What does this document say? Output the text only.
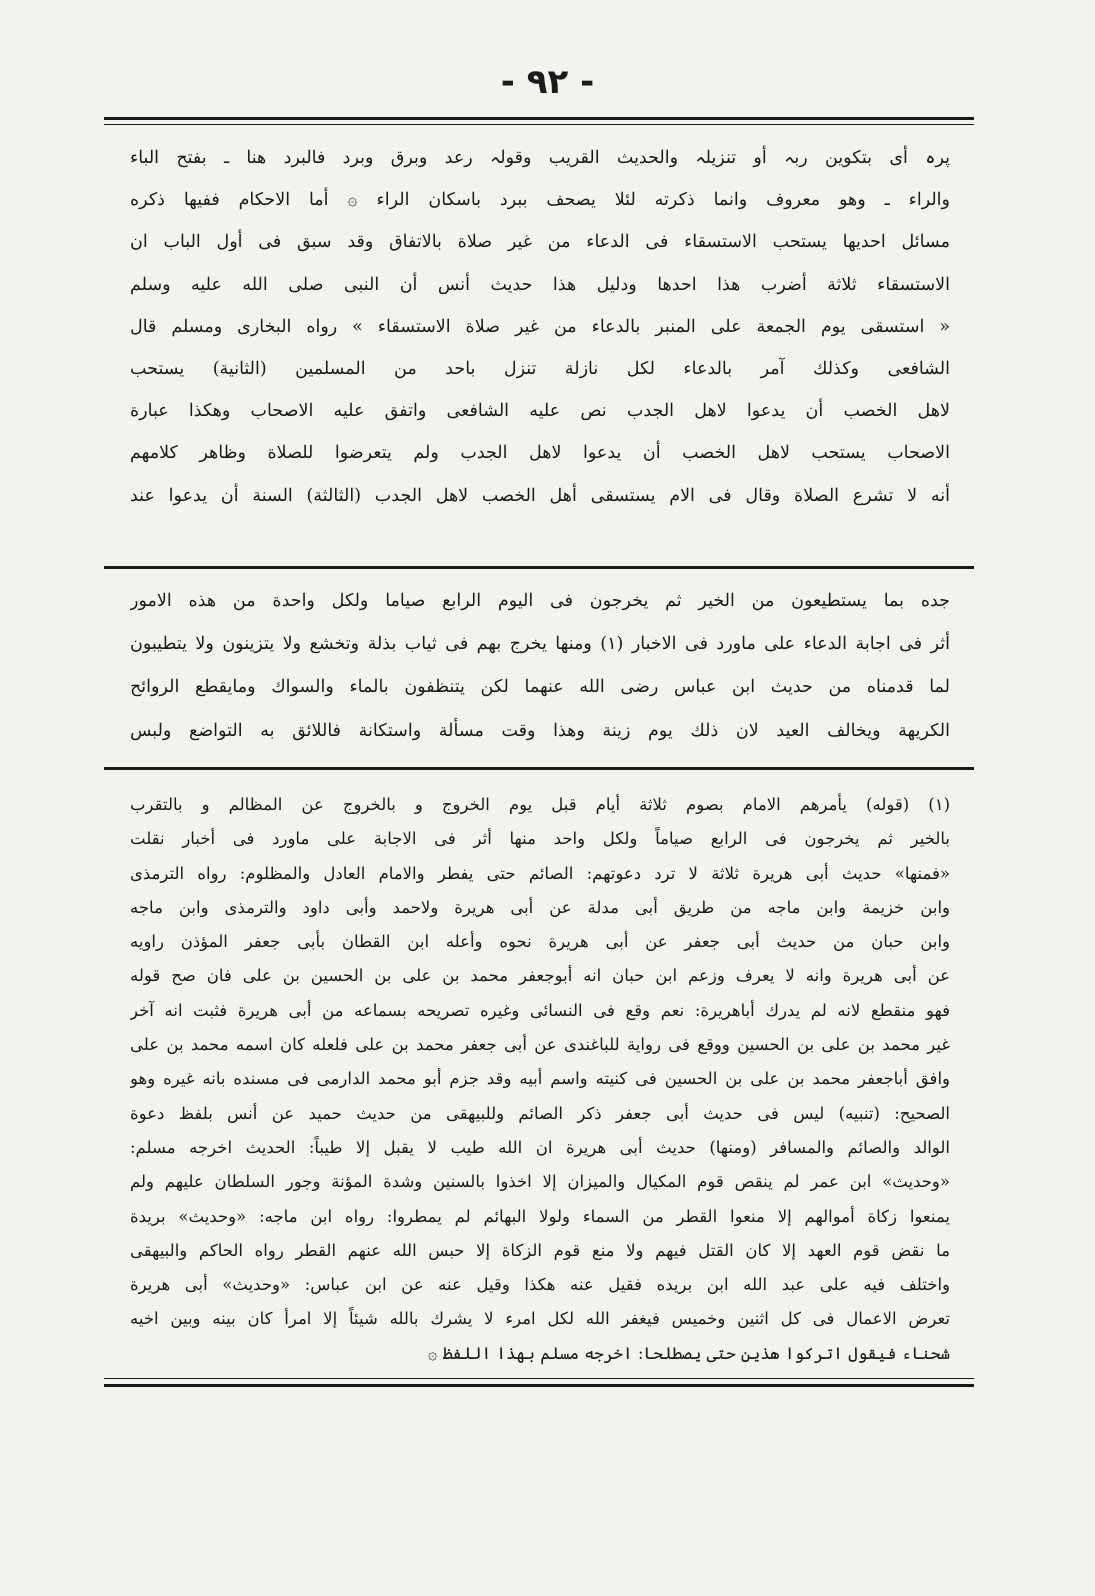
- ٩٢ -

پرہ أی بتکوین ربہ أو تنزیلہ والحدیث القریب وقولہ رعد وبرق وبرد فالبرد هنا ـ بفتح الباء

والراء ـ وهو معروف وانما ذکرته لئلا یصحف ببرد باسکان الراء ۞ أما الاحکام ففیها ذکره

مسائل احدیها یستحب الاستسقاء فی الدعاء من غیر صلاة بالاتفاق وقد سبق فی أول الباب ان

الاستسقاء ثلاثة أضرب هذا احدها ودلیل هذا حدیث أنس أن النبی صلی الله علیه وسلم

« استسقی یوم الجمعة علی المنبر بالدعاء من غیر صلاة الاستسقاء » رواه البخاری ومسلم قال

الشافعی وکذلك آمر بالدعاء لکل نازلة تنزل باحد من المسلمین (الثانیة) یستحب

لاهل الخصب أن یدعوا لاهل الجدب نص علیه الشافعی واتفق علیه الاصحاب وهکذا عبارة

الاصحاب یستحب لاهل الخصب أن یدعوا لاهل الجدب ولم یتعرضوا للصلاة وظاهر کلامهم

أنه لا تشرع الصلاة وقال فی الام یستسقی أهل الخصب لاهل الجدب (الثالثة) السنة أن یدعوا عند

جده بما یستطیعون من الخیر ثم یخرجون فی الیوم الرابع صیاما ولکل واحدة من هذه الامور

أثر فی اجابة الدعاء علی ماورد فی الاخبار (١) ومنها یخرج بهم فی ثیاب بذلة وتخشع ولا یتزینون ولا یتطیبون

لما قدمناه من حدیث ابن عباس رضی الله عنهما لکن یتنظفون بالماء والسواك ومایقطع الروائح

الکریهة ویخالف العید لان ذلك یوم زینة وهذا وقت مسألة واستکانة فاللائق به التواضع ولبس

(١) (قوله) یأمرهم الامام بصوم ثلاثة أیام قبل یوم الخروج و بالخروج عن المظالم و بالتقرب

بالخیر ثم یخرجون فی الرابع صیاماً ولکل واحد منها أثر فی الاجابة علی ماورد فی أخبار نقلت

«فمنها» حدیث أبی هریرة ثلاثة لا ترد دعوتهم: الصائم حتی یفطر والامام العادل والمظلوم: رواه الترمذی

وابن خزیمة وابن ماجه من طریق أبی مدلة عن أبی هریرة ولاحمد وأبی داود والترمذی وابن ماجه

وابن حبان من حدیث أبی جعفر عن أبی هریرة نحوه وأعله ابن القطان بأبی جعفر المؤذن راویه

عن أبی هریرة وانه لا یعرف وزعم ابن حبان انه أبوجعفر محمد بن علی بن الحسین بن علی فان صح قوله

فهو منقطع لانه لم یدرك أباهریرة: نعم وقع فی النسائی وغیره تصریحه بسماعه من أبی هریرة فثبت انه آخر

غیر محمد بن علی بن الحسین ووقع فی روایة للباغندی عن أبی جعفر محمد بن علی فلعله کان اسمه محمد بن علی

وافق أباجعفر محمد بن علی بن الحسین فی کنیته واسم أبیه وقد جزم أبو محمد الدارمی فی مسنده بانه غیره وهو

الصحیح: (تنبیه) لیس فی حدیث أبی جعفر ذکر الصائم وللبیهقی من حدیث حمید عن أنس بلفظ دعوة

الوالد والصائم والمسافر (ومنها) حدیث أبی هریرة ان الله طیب لا یقبل إلا طیباً: الحدیث اخرجه مسلم:

«وحدیث» ابن عمر لم ینقص قوم المکیال والمیزان إلا اخذوا بالسنین وشدة المؤنة وجور السلطان علیهم ولم

یمنعوا زکاة أموالهم إلا منعوا القطر من السماء ولولا البهائم لم یمطروا: رواه ابن ماجه: «وحدیث» بریدة

ما نقض قوم العهد إلا کان القتل فیهم ولا منع قوم الزکاة إلا حبس الله عنهم القطر رواه الحاکم والبیهقی

واختلف فیه علی عبد الله ابن بریده فقیل عنه هکذا وقیل عنه عن ابن عباس: «وحدیث» أبی هریرة

تعرض الاعمال فی کل اثنین وخمیس فیغفر الله لکل امرء لا یشرك بالله شیئاً إلا امرأ کان بینه وبین اخیه

شحناء فیقول اترکوا هذین حتی یصطلحا: اخرجه مسلم بهذا اللفظ ۞
